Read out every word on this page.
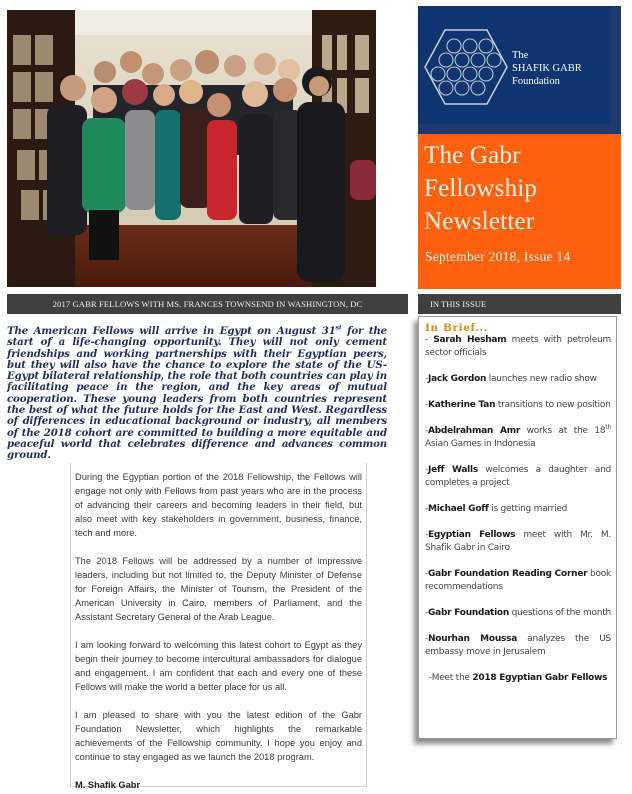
2017 GABR FELLOWS WITH MS. FRANCES TOWNSEND IN WASHINGTON, DC
The American Fellows will arrive in Egypt on August 31st for the start of a life-changing opportunity. They will not only cement friendships and working partnerships with their Egyptian peers, but they will also have the chance to explore the state of the US-Egypt bilateral relationship, the role that both countries can play in facilitating peace in the region, and the key areas of mutual cooperation. These young leaders from both countries represent the best of what the future holds for the East and West. Regardless of differences in educational background or industry, all members of the 2018 cohort are committed to building a more equitable and peaceful world that celebrates difference and advances common ground.

During the Egyptian portion of the 2018 Fellowship, the Fellows will engage not only with Fellows from past years who are in the process of advancing their careers and becoming leaders in their field, but also meet with key stakeholders in government, business, finance, tech and more.

The 2018 Fellows will be addressed by a number of impressive leaders, including but not limited to, the Deputy Minister of Defense for Foreign Affairs, the Minister of Tourism, the President of the American University in Cairo, members of Parliament, and the Assistant Secretary General of the Arab League.

I am looking forward to welcoming this latest cohort to Egypt as they begin their journey to become intercultural ambassadors for dialogue and engagement. I am confident that each and every one of these Fellows will make the world a better place for us all.

I am pleased to share with you the latest edition of the Gabr Foundation Newsletter, which highlights the remarkable achievements of the Fellowship community. I hope you enjoy and continue to stay engaged as we launch the 2018 program.

M. Shafik Gabr

The
SHAFIK GABR
Foundation
The Gabr
Fellowship
Newsletter
September 2018, Issue 14
IN THIS ISSUE
In Brief...
- Sarah Hesham meets with petroleum sector officials
-Jack Gordon launches new radio show
-Katherine Tan transitions to new position
-Abdelrahman Amr works at the 18th Asian Games in Indonesia
-Jeff Walls welcomes a daughter and completes a project
-Michael Goff is getting married
-Egyptian Fellows meet with Mr. M. Shafik Gabr in Cairo
-Gabr Foundation Reading Corner book recommendations
-Gabr Foundation questions of the month
-Nourhan Moussa analyzes the US embassy move in Jerusalem
-Meet the 2018 Egyptian Gabr Fellows
